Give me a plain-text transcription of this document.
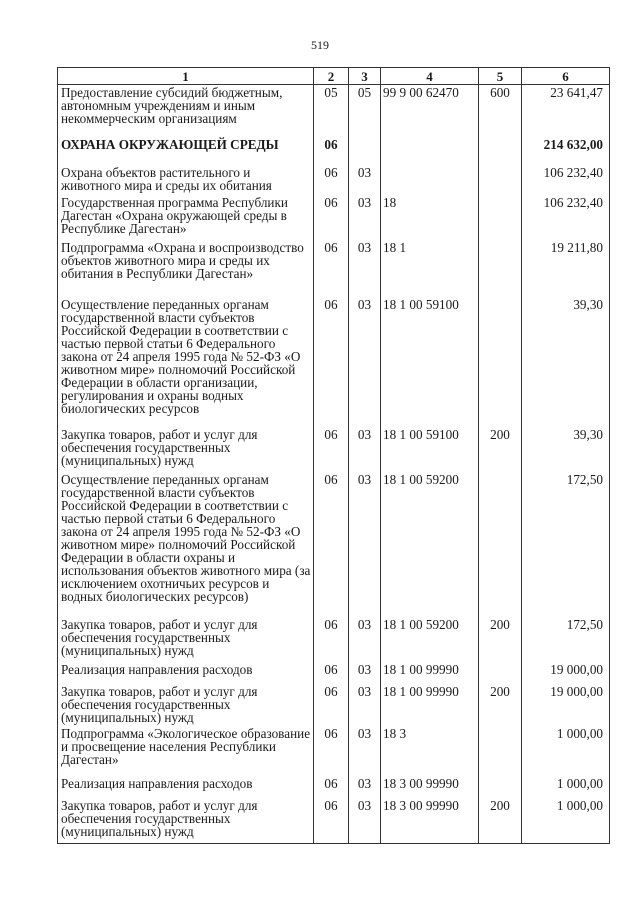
519
1	2	3	4	5	6
Предоставление субсидий бюджетным, автономным учреждениям и иным некоммерческим организациям	05	05	99 9 00 62470	600	23 641,47
ОХРАНА ОКРУЖАЮЩЕЙ СРЕДЫ	06				214 632,00
Охрана объектов растительного и животного мира и среды их обитания	06	03			106 232,40
Государственная программа Республики Дагестан «Охрана окружающей среды в Республике Дагестан»	06	03	18		106 232,40
Подпрограмма «Охрана и воспроизводство объектов животного мира и среды их обитания в Республики Дагестан»	06	03	18 1		19 211,80
Осуществление переданных органам государственной власти субъектов Российской Федерации в соответствии с частью первой статьи 6 Федерального закона от 24 апреля 1995 года № 52-ФЗ «О животном мире» полномочий Российской Федерации в области организации, регулирования и охраны водных биологических ресурсов	06	03	18 1 00 59100		39,30
Закупка товаров, работ и услуг для обеспечения государственных (муниципальных) нужд	06	03	18 1 00 59100	200	39,30
Осуществление переданных органам государственной власти субъектов Российской Федерации в соответствии с частью первой статьи 6 Федерального закона от 24 апреля 1995 года № 52-ФЗ «О животном мире» полномочий Российской Федерации в области охраны и использования объектов животного мира (за исключением охотничьих ресурсов и водных биологических ресурсов)	06	03	18 1 00 59200		172,50
Закупка товаров, работ и услуг для обеспечения государственных (муниципальных) нужд	06	03	18 1 00 59200	200	172,50
Реализация направления расходов	06	03	18 1 00 99990		19 000,00
Закупка товаров, работ и услуг для обеспечения государственных (муниципальных) нужд	06	03	18 1 00 99990	200	19 000,00
Подпрограмма «Экологическое образование и просвещение населения Республики Дагестан»	06	03	18 3		1 000,00
Реализация направления расходов	06	03	18 3 00 99990		1 000,00
Закупка товаров, работ и услуг для обеспечения государственных (муниципальных) нужд	06	03	18 3 00 99990	200	1 000,00
